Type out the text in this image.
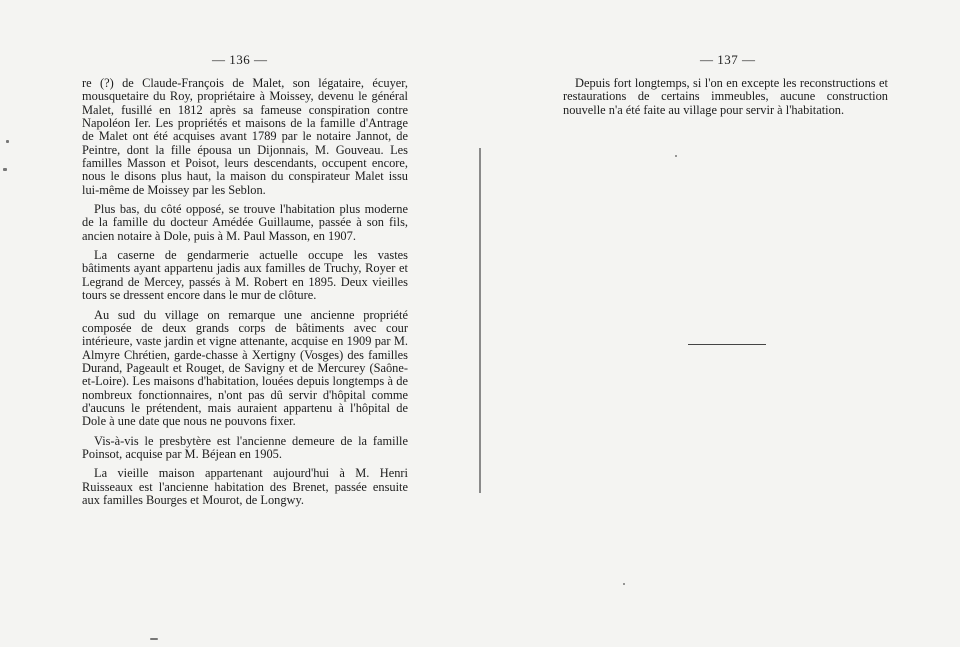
— 136 —

re (?) de Claude-François de Malet, son légataire, écuyer, mousquetaire du Roy, propriétaire à Moissey, devenu le général Malet, fusillé en 1812 après sa fameuse conspiration contre Napoléon Ier. Les propriétés et maisons de la famille d'Antrage de Malet ont été acquises avant 1789 par le notaire Jannot, de Peintre, dont la fille épousa un Dijonnais, M. Gouveau. Les familles Masson et Poisot, leurs descendants, occupent encore, nous le disons plus haut, la maison du conspirateur Malet issu lui-même de Moissey par les Seblon.

Plus bas, du côté opposé, se trouve l'habitation plus moderne de la famille du docteur Amédée Guillaume, passée à son fils, ancien notaire à Dole, puis à M. Paul Masson, en 1907.

La caserne de gendarmerie actuelle occupe les vastes bâtiments ayant appartenu jadis aux familles de Truchy, Royer et Legrand de Mercey, passés à M. Robert en 1895. Deux vieilles tours se dressent encore dans le mur de clôture.

Au sud du village on remarque une ancienne propriété composée de deux grands corps de bâtiments avec cour intérieure, vaste jardin et vigne attenante, acquise en 1909 par M. Almyre Chrétien, garde-chasse à Xertigny (Vosges) des familles Durand, Pageault et Rouget, de Savigny et de Mercurey (Saône-et-Loire). Les maisons d'habitation, louées depuis longtemps à de nombreux fonctionnaires, n'ont pas dû servir d'hôpital comme d'aucuns le prétendent, mais auraient appartenu à l'hôpital de Dole à une date que nous ne pouvons fixer.

Vis-à-vis le presbytère est l'ancienne demeure de la famille Poinsot, acquise par M. Béjean en 1905.

La vieille maison appartenant aujourd'hui à M. Henri Ruisseaux est l'ancienne habitation des Brenet, passée ensuite aux familles Bourges et Mourot, de Longwy.

— 137 —

Depuis fort longtemps, si l'on en excepte les reconstructions et restaurations de certains immeubles, aucune construction nouvelle n'a été faite au village pour servir à l'habitation.
